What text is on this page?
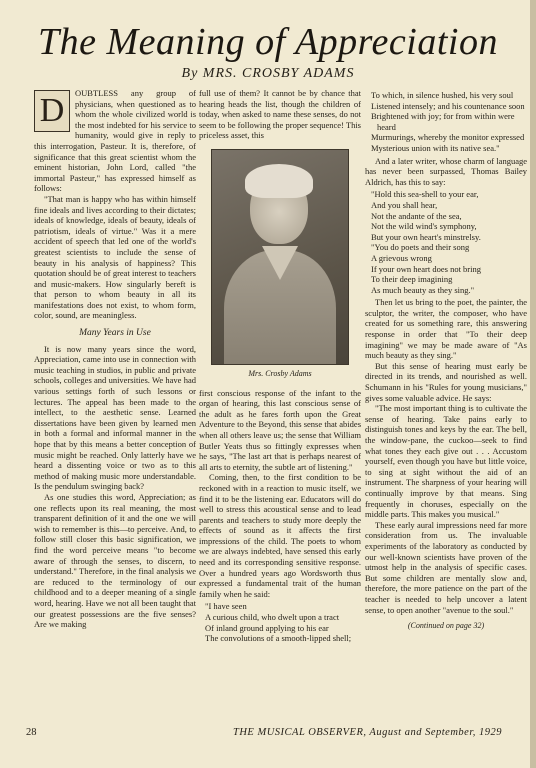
The Meaning of Appreciation
By MRS. CROSBY ADAMS
D	OUBTLESS any group of physicians, when questioned as to whom the whole civilized world is the most indebted for his service to humanity, would give in reply to this interrogation, Pasteur. It is, therefore, of significance that this great scientist whom the eminent historian, John Lord, called "the immortal Pasteur," has expressed himself as follows:

"That man is happy who has within himself fine ideals and lives according to their dictates; ideals of knowledge, ideals of beauty, ideals of patriotism, ideals of virtue." Was it a mere accident of speech that led one of the world's greatest scientists to include the sense of beauty in his analysis of happiness? This quotation should be of great interest to teachers and music-makers. How singularly bereft is that person to whom beauty in all its manifestations does not exist, to whom form, color, sound, are meaningless.

Many Years in Use

It is now many years since the word, Appreciation, came into use in connection with music teaching in studios, in public and private schools, colleges and universities. We have had various settings forth of such lessons or lectures. The appeal has been made to the intellect, to the aesthetic sense. Learned dissertations have been given by learned men in both a formal and informal manner in the hope that by this means a better conception of music might be reached. Only latterly have we heard a dissenting voice or two as to this method of making music more understandable. Is the pendulum swinging back?

As one studies this word, Appreciation; as one reflects upon its real meaning, the most transparent definition of it and the one we will wish to remember is this—to perceive. And, to follow still closer this basic signification, we find the word perceive means "to become aware of through the senses, to discern, to understand." Therefore, in the final analysis we are reduced to the terminology of our childhood and to a deeper meaning of a single word, hearing. Have we not all been taught that our greatest possessions are the five senses? Are we making

full use of them? It cannot be by chance that hearing heads the list, though the children of today, when asked to name these senses, do not seem to be following the proper sequence! This priceless asset, this

Mrs. Crosby Adams

first conscious response of the infant to the organ of hearing, this last conscious sense of the adult as he fares forth upon the Great Adventure to the Beyond, this sense that abides when all others leave us; the sense that William Butler Yeats thus so fittingly expresses when he says, "The last art that is perhaps nearest of all arts to eternity, the subtle art of listening."

Coming, then, to the first condition to be reckoned with in a reaction to music itself, we find it to be the listening ear. Educators will do well to stress this acoustical sense and to lead parents and teachers to study more deeply the effects of sound as it affects the first impressions of the child. The poets to whom we are always indebted, have sensed this early need and its corresponding sensitive response. Over a hundred years ago Wordsworth thus expressed a fundamental trait of the human family when he said:

"I have seen
A curious child, who dwelt upon a tract
Of inland ground applying to his ear
The convolutions of a smooth-lipped shell;
To which, in silence hushed, his very soul
Listened intensely; and his countenance soon
Brightened with joy; for from within were heard
Murmurings, whereby the monitor expressed
Mysterious union with its native sea."

And a later writer, whose charm of language has never been surpassed, Thomas Bailey Aldrich, has this to say:

"Hold this sea-shell to your ear,
And you shall hear,
Not the andante of the sea,
Not the wild wind's symphony,
But your own heart's minstrelsy.
"You do poets and their song
A grievous wrong
If your own heart does not bring
To their deep imagining
As much beauty as they sing."

Then let us bring to the poet, the painter, the sculptor, the writer, the composer, who have created for us something rare, this answering response in order that "To their deep imagining" we may be made aware of "As much beauty as they sing."

But this sense of hearing must early be directed in its trends, and nourished as well. Schumann in his "Rules for young musicians," gives some valuable advice. He says:

"The most important thing is to cultivate the sense of hearing. Take pains early to distinguish tones and keys by the ear. The bell, the window-pane, the cuckoo—seek to find what tones they each give out . . . Accustom yourself, even though you have but little voice, to sing at sight without the aid of an instrument. The sharpness of your hearing will continually improve by that means. Sing frequently in choruses, especially on the middle parts. This makes you musical."

These early aural impressions need far more consideration from us. The invaluable experiments of the laboratory as conducted by our well-known scientists have proven of the utmost help in the analysis of specific cases. But some children are mentally slow and, therefore, the more patience on the part of the teacher is needed to help uncover a latent sense, to open another "avenue to the soul."

(Continued on page 32)
28	THE MUSICAL OBSERVER, August and September, 1929
